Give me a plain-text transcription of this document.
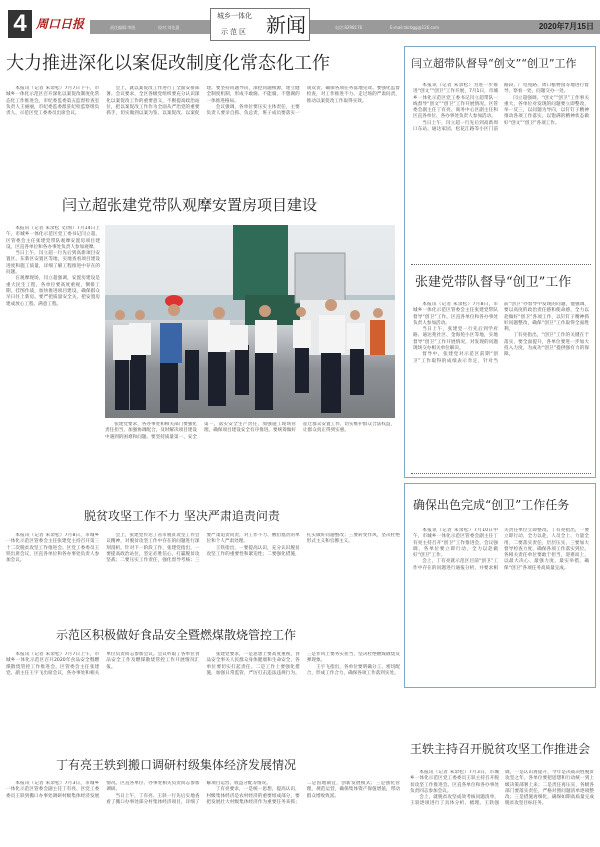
4 周口日报	责任编辑:李凯	校对:刘佳惠	电话:8298176	E-mail:zkrbgg@126.com	2020年7月15日
城乡一体化
示范区 新闻
大力推进深化以案促改制度化常态化工作

本报讯（记者 朱余松）7月7日下午，市城乡一体化示范区召开深化以案促改制度化常态化工作推进会。市纪委监委第五监督检查室负责人王丽丽，市纪委监委派驻纪检监察组负责人，示范区党工委委员出席会议。

会上，就以案促改工作进行了全面安排部署。会议要求，全区各级党组织要充分认识深化以案促改工作的重要意义，不断提高政治站位，把以案促改工作作为全面从严治党的重要抓手，切实做到以案为鉴、以案促改、以案促建。要坚持问题导向，深挖问题根源，建立健全制度机制，形成不敢腐、不能腐、不想腐的一体推进格局。

会议强调，各单位要压实主体责任，主要负责人要亲自抓、负总责，班子成员要落实一岗双责，确保各项任务落地见效。要强化监督检查，对工作推进不力、走过场的严肃问责，推动以案促改工作取得实效。

闫立超张建党带队观摩安置房项目建设

本报讯（记者 朱余松 文/图）7月14日上午，市城乡一体化示范区党工委书记闫立超，区管委会主任张建党带队观摩安置房项目建设。区直各单位和各办事处负责人参加观摩。

当日上午，闫立超一行先后到高新项目安置区、东新区安置区等地，实地查看项目建设进度和施工质量，详细了解工程推进中存在的问题。

在观摩现场，闫立超强调，安置房建设是重大民生工程，各单位要高度重视，倒排工期，挂图作战，加快推进项目建设，确保群众早日住上新房。要严把质量安全关，把安置房建成放心工程、满意工程。

张建党要求，各办事处和相关部门要强化责任担当，加强协调配合，及时解决项目建设中遇到的困难和问题。要坚持质量第一、安全第一，落实安全生产责任，加强施工现场管理，确保项目建设安全有序推进。要统筹做好征迁群众安置工作，切实维护群众合法权益，让群众真正得到实惠。

脱贫攻坚工作不力 坚决严肃追责问责

本报讯（记者 朱余松）7月8日，市城乡一体化示范区管委会主任张建党主持召开第三十二次脱贫攻坚工作推进会。区党工委委员王铁出席会议，区直各单位和各办事处负责人参加会议。

会上，张建党传达了省市脱贫攻坚工作会议精神，对脱贫攻坚工作中存在的问题进行深刻剖析。针对下一阶段工作，张建党指出，一要提高政治站位，坚定必胜信心，打赢脱贫攻坚战；二要压实工作责任，强化督导考核；三要严肃追责问责，对工作不力、敷衍塞责的单位和个人严肃处理。

王铁指出，一要提高认识，充分认识脱贫攻坚工作的重要性和紧迫性；二要强化措施，扎实做好问题整改；三要转变作风，坚决杜绝形式主义和官僚主义。

示范区积极做好食品安全暨燃煤散烧管控工作

本报讯（记者 朱余松）7月7日上午，市城乡一体化示范区召开2020年食品安全暨燃煤散烧管控工作推进会。区管委会主任张建党、副主任王宇飞出席会议，各办事处和相关单位负责同志参加会议。会议听取了各单位食品安全工作及燃煤散烧管控工作开展情况汇报。

张建党要求，一是思想上要高度重视，食品安全事关人民群众身体健康和生命安全，各单位要切实扛起责任。二是工作上要强化措施，加强日常监管，严厉打击违法违规行为。三是作风上要务实担当，坚决杜绝燃煤散烧反弹现象。

王宇飞指出，各单位要明确分工、密切配合，形成工作合力，确保各项工作落到实处。

丁有亮王轶到搬口调研村级集体经济发展情况

本报讯（记者 朱余松）7月3日，市城乡一体化示范区管委会副主任丁有亮、区党工委委员王轶到搬口办事处调研村级集体经济发展情况。区直各单位、办事处相关负责同志参加调研。

当日上午，丁有亮、王轶一行先后实地查看了搬口办事处部分村集体经济项目，详细了解项目运营、收益分配等情况。

丁有亮要求，一是统一思想，提高认识，村级集体经济是农村经济的重要组成部分，要把发展壮大村级集体经济作为重要任务来抓；二是因地制宜，创新发展模式；三是强化管理，规范运营，确保集体资产保值增值，带动群众增收致富。

闫立超带队督导“创文”“创卫”工作

本报讯（记者 朱余松）为进一步推进“创文”“创卫”工作开展，7月1日，市城乡一体化示范区党工委书记闫立超带队一线督导“创文”“创卫”工作开展情况。区管委会副主任丁有亮、商务中心区副主任和区直各单位、各办事处负责人参加活动。

当日上午，闫立超一行先后到高新周口东站、通达家园、松花江路等小区门前路段、广电苑路、周口植物园等地进行督导，察看一处，问题交办一处。

闫立超强调，“创文”“创卫”工作事关重大，各单位对发现的问题要立即整改，举一反三，以问题为导向，以钉钉子精神推动各项工作落实，以饱满的精神状态做好“创文”“创卫”各项工作。

张建党带队督导“创卫”工作

本报讯（记者 朱余松）7月8日，市城乡一体化示范区管委会主任张建党带队督导“创卫”工作。区直各单位和各办事处负责人参加活动。

当日上午，张建党一行先后到学府路、通达苑社区、金海苑小区等地，实地督导“创卫”工作开展情况，对发现的问题现场交办相关单位解决。

督导中，张建党对示范区前期“创卫”工作取得的成绩表示肯定，针对当前“创卫”办督导中发现的问题，他强调，要以高度的政治责任感和使命感，全力以赴做好“创卫”各项工作，以钉钉子精神抓好问题整改，确保“创卫”工作取得全面胜利。

丁有亮指出，“创卫”工作的关键在于落实，要全面提升，各单位要进一步加大投入力度，为成功“创卫”提供强有力的保障。

确保出色完成“创卫”工作任务

本报讯（记者 朱余松）7月10日中午，市城乡一体化示范区管委会副主任丁有亮主持召开“创卫”工作推进会，会议强调，各单位要立即行动，全力以赴做好“创卫”工作。

会上，丁有亮就示范区目前“创卫”工作中存在的问题进行通报分析，并要求相关责任单位立即整改。丁有亮指出，一要立即行动，全力以赴，人员全上、力量全用，二要落实责任，层层压实，三要加大督导检查力度，确保各项工作落实到位。各相关责任单位要敢于担当，迎难而上，以最大决心、最强力度、最实举措，确保“创卫”各项任务高质量完成。

王轶主持召开脱贫攻坚工作推进会

本报讯（记者 朱余松）7月3日，市城乡一体化示范区党工委委员王轶主持召开脱贫攻坚工作推进会。区直各单位和各办事处负责同志参加会议。

会上，就脱贫攻坚成效考核问题清单，王轶逐项进行了具体分析、梳理。王轶强调，一是认识再提升，今年是决战决胜脱贫攻坚之年，各单位要把思想和行动统一到上级决策部署上来；二是责任再压实，各级各部门要落实责任，严格对照问题清单逐项整改；三是措施再细化，确保如期高质量完成脱贫攻坚目标任务。
